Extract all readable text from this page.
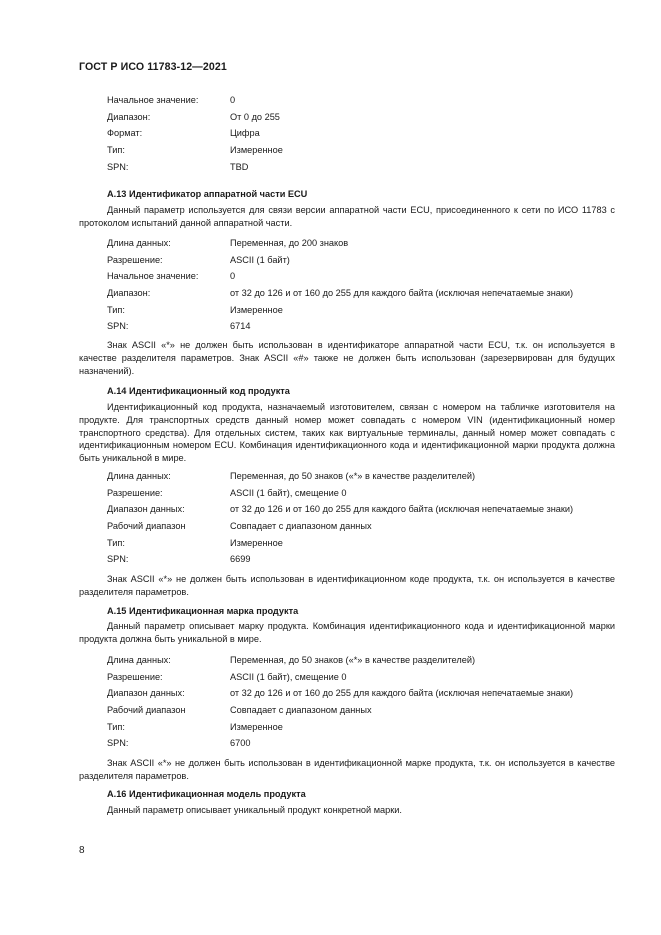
ГОСТ Р ИСО 11783-12—2021
Начальное значение:	0
Диапазон:	От 0 до 255
Формат:	Цифра
Тип:	Измеренное
SPN:	TBD
А.13 Идентификатор аппаратной части ECU

Данный параметр используется для связи версии аппаратной части ECU, присоединенного к сети по ИСО 11783 с протоколом испытаний данной аппаратной части.

Длина данных:	Переменная, до 200 знаков
Разрешение:	ASCII (1 байт)
Начальное значение:	0
Диапазон:	от 32 до 126 и от 160 до 255 для каждого байта (исключая непечатаемые знаки)
Тип:	Измеренное
SPN:	6714

Знак ASCII «*» не должен быть использован в идентификаторе аппаратной части ECU, т.к. он используется в качестве разделителя параметров. Знак ASCII «#» также не должен быть использован (зарезервирован для будущих назначений).

А.14 Идентификационный код продукта

Идентификационный код продукта, назначаемый изготовителем, связан с номером на табличке изготовителя на продукте. Для транспортных средств данный номер может совпадать с номером VIN (идентификационный номер транспортного средства). Для отдельных систем, таких как виртуальные терминалы, данный номер может совпадать с идентификационным номером ECU. Комбинация идентификационного кода и идентификационной марки продукта должна быть уникальной в мире.

Длина данных:	Переменная, до 50 знаков («*» в качестве разделителей)
Разрешение:	ASCII (1 байт), смещение 0
Диапазон данных:	от 32 до 126 и от 160 до 255 для каждого байта (исключая непечатаемые знаки)
Рабочий диапазон	Совпадает с диапазоном данных
Тип:	Измеренное
SPN:	6699

Знак ASCII «*» не должен быть использован в идентификационном коде продукта, т.к. он используется в качестве разделителя параметров.

А.15 Идентификационная марка продукта

Данный параметр описывает марку продукта. Комбинация идентификационного кода и идентификационной марки продукта должна быть уникальной в мире.

Длина данных:	Переменная, до 50 знаков («*» в качестве разделителей)
Разрешение:	ASCII (1 байт), смещение 0
Диапазон данных:	от 32 до 126 и от 160 до 255 для каждого байта (исключая непечатаемые знаки)
Рабочий диапазон	Совпадает с диапазоном данных
Тип:	Измеренное
SPN:	6700

Знак ASCII «*» не должен быть использован в идентификационной марке продукта, т.к. он используется в качестве разделителя параметров.

А.16 Идентификационная модель продукта

Данный параметр описывает уникальный продукт конкретной марки.

8
